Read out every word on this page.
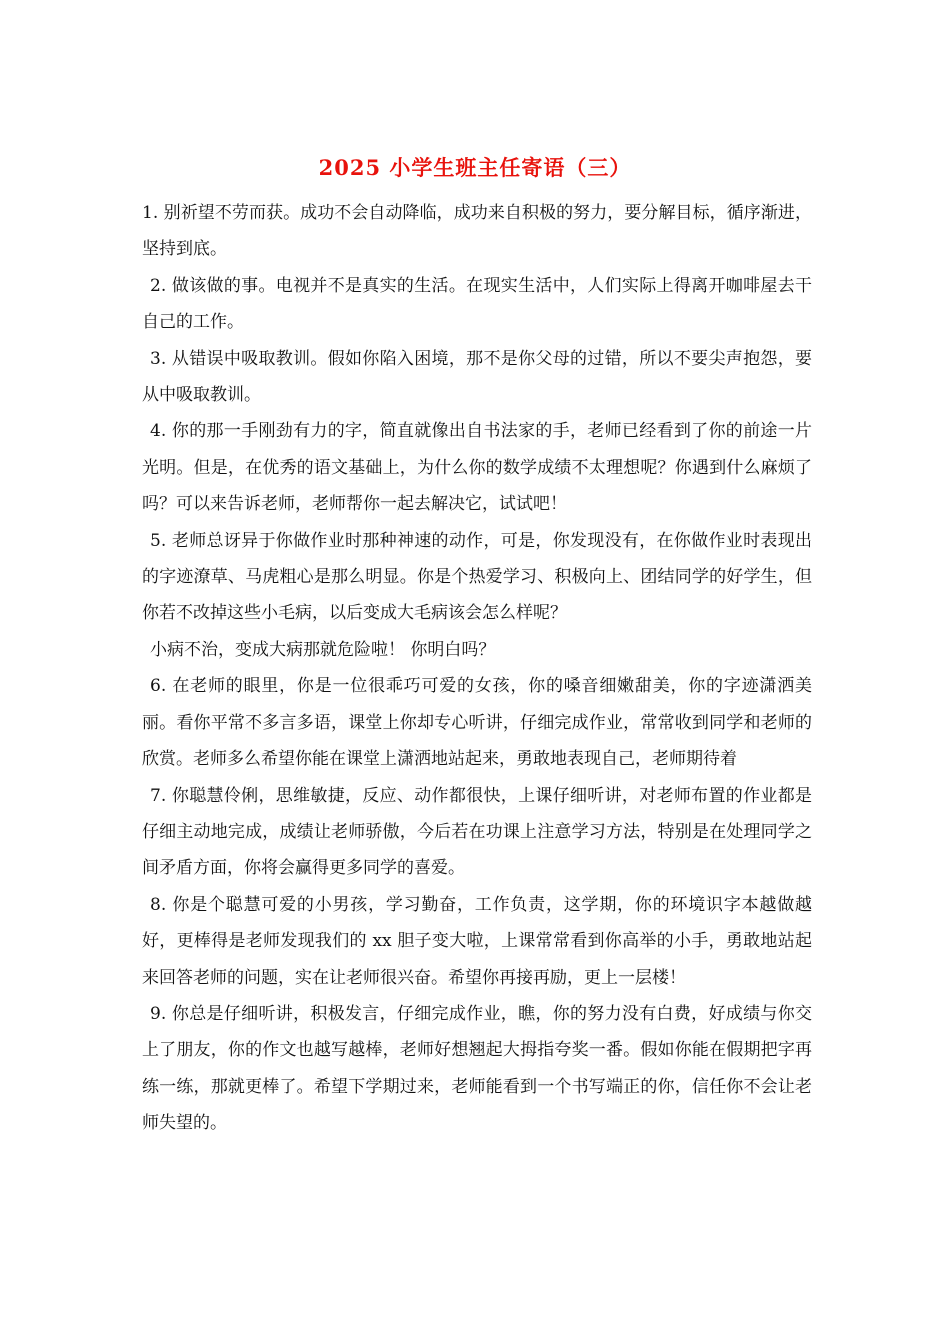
2025 小学生班主任寄语（三）

1. 别祈望不劳而获。成功不会自动降临，成功来自积极的努力，要分解目标，循序渐进，坚持到底。

2. 做该做的事。电视并不是真实的生活。在现实生活中，人们实际上得离开咖啡屋去干自己的工作。

3. 从错误中吸取教训。假如你陷入困境，那不是你父母的过错，所以不要尖声抱怨，要从中吸取教训。

4. 你的那一手刚劲有力的字，简直就像出自书法家的手，老师已经看到了你的前途一片光明。但是，在优秀的语文基础上，为什么你的数学成绩不太理想呢？你遇到什么麻烦了吗？可以来告诉老师，老师帮你一起去解决它，试试吧！

5. 老师总讶异于你做作业时那种神速的动作，可是，你发现没有，在你做作业时表现出的字迹潦草、马虎粗心是那么明显。你是个热爱学习、积极向上、团结同学的好学生，但你若不改掉这些小毛病，以后变成大毛病该会怎么样呢？

小病不治，变成大病那就危险啦！ 你明白吗？

6. 在老师的眼里，你是一位很乖巧可爱的女孩，你的嗓音细嫩甜美，你的字迹潇洒美丽。看你平常不多言多语，课堂上你却专心听讲，仔细完成作业，常常收到同学和老师的欣赏。老师多么希望你能在课堂上潇洒地站起来，勇敢地表现自己，老师期待着

7. 你聪慧伶俐，思维敏捷，反应、动作都很快，上课仔细听讲，对老师布置的作业都是仔细主动地完成，成绩让老师骄傲，今后若在功课上注意学习方法，特别是在处理同学之间矛盾方面，你将会赢得更多同学的喜爱。

8. 你是个聪慧可爱的小男孩，学习勤奋，工作负责，这学期，你的环境识字本越做越好，更棒得是老师发现我们的 xx 胆子变大啦，上课常常看到你高举的小手，勇敢地站起来回答老师的问题，实在让老师很兴奋。希望你再接再励，更上一层楼！

9. 你总是仔细听讲，积极发言，仔细完成作业，瞧，你的努力没有白费，好成绩与你交上了朋友，你的作文也越写越棒，老师好想翘起大拇指夸奖一番。假如你能在假期把字再练一练，那就更棒了。希望下学期过来，老师能看到一个书写端正的你，信任你不会让老师失望的。
